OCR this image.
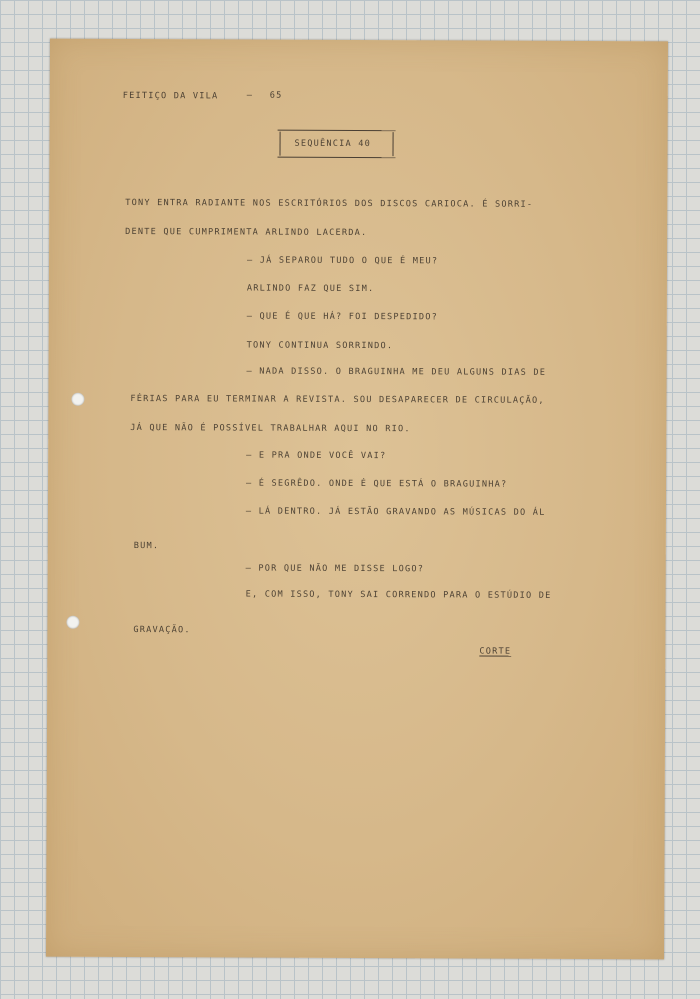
FEITIÇO DA VILA	— 65

SEQUÊNCIA 40

TONY ENTRA RADIANTE NOS ESCRITÓRIOS DOS DISCOS CARIOCA. É SORRI-

DENTE QUE CUMPRIMENTA ARLINDO LACERDA.

— JÁ SEPAROU TUDO O QUE É MEU?

ARLINDO FAZ QUE SIM.

— QUE É QUE HÁ? FOI DESPEDIDO?

TONY CONTINUA SORRINDO.

— NADA DISSO. O BRAGUINHA ME DEU ALGUNS DIAS DE

FÉRIAS PARA EU TERMINAR A REVISTA. SOU DESAPARECER DE CIRCULAÇÃO,

JÁ QUE NÃO É POSSÍVEL TRABALHAR AQUI NO RIO.

— E PRA ONDE VOCÊ VAI?

— É SEGRÊDO. ONDE É QUE ESTÁ O BRAGUINHA?

— LÁ DENTRO. JÁ ESTÃO GRAVANDO AS MÚSICAS DO ÁL

BUM.

— POR QUE NÃO ME DISSE LOGO?

E, COM ISSO, TONY SAI CORRENDO PARA O ESTÚDIO DE

GRAVAÇÃO.

CORTE
